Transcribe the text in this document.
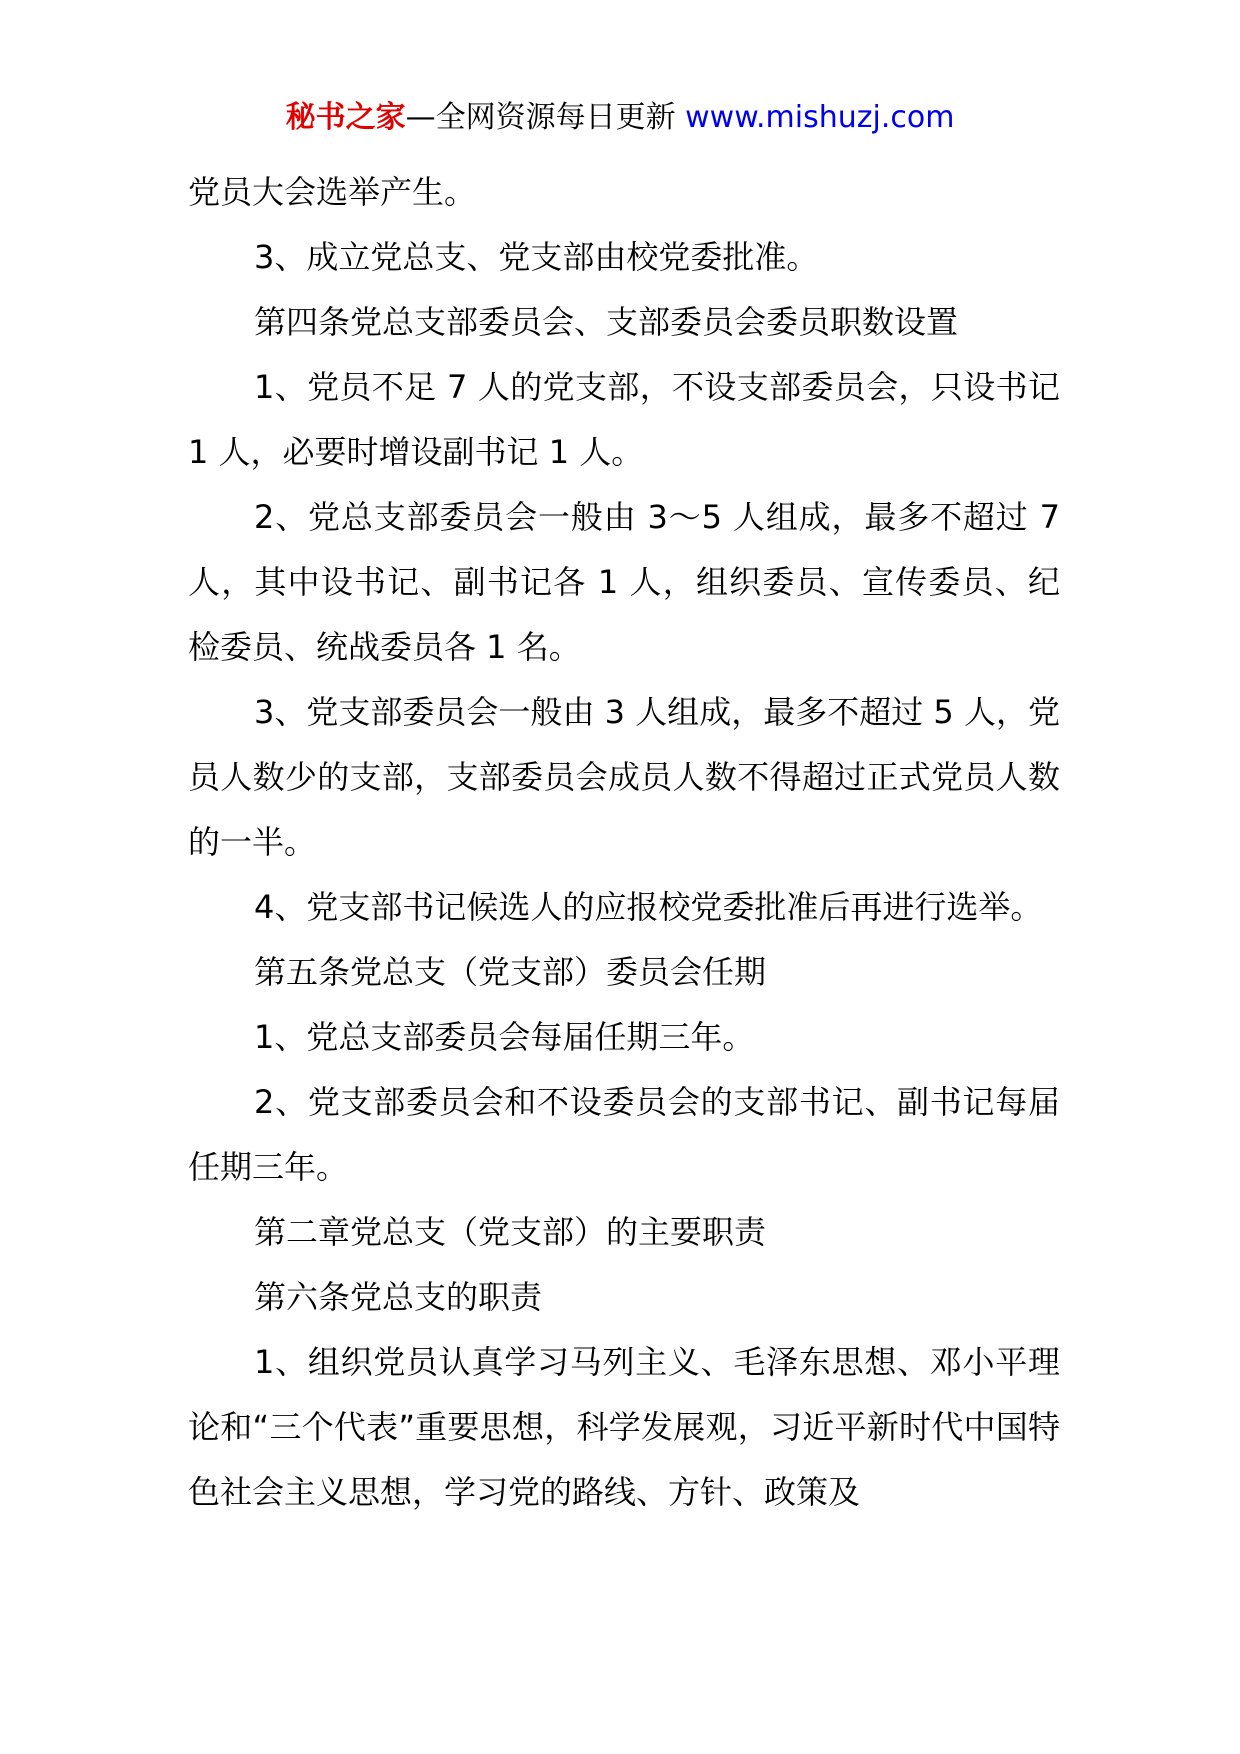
秘书之家—全网资源每日更新 www.mishuzj.com

党员大会选举产生。

3、成立党总支、党支部由校党委批准。

第四条党总支部委员会、支部委员会委员职数设置

1、党员不足 7 人的党支部，不设支部委员会，只设书记 1 人，必要时增设副书记 1 人。

2、党总支部委员会一般由 3～5 人组成，最多不超过 7 人，其中设书记、副书记各 1 人，组织委员、宣传委员、纪检委员、统战委员各 1 名。

3、党支部委员会一般由 3 人组成，最多不超过 5 人，党员人数少的支部，支部委员会成员人数不得超过正式党员人数的一半。

4、党支部书记候选人的应报校党委批准后再进行选举。

第五条党总支（党支部）委员会任期

1、党总支部委员会每届任期三年。

2、党支部委员会和不设委员会的支部书记、副书记每届任期三年。

第二章党总支（党支部）的主要职责

第六条党总支的职责

1、组织党员认真学习马列主义、毛泽东思想、邓小平理论和“三个代表”重要思想，科学发展观，习近平新时代中国特色社会主义思想，学习党的路线、方针、政策及
